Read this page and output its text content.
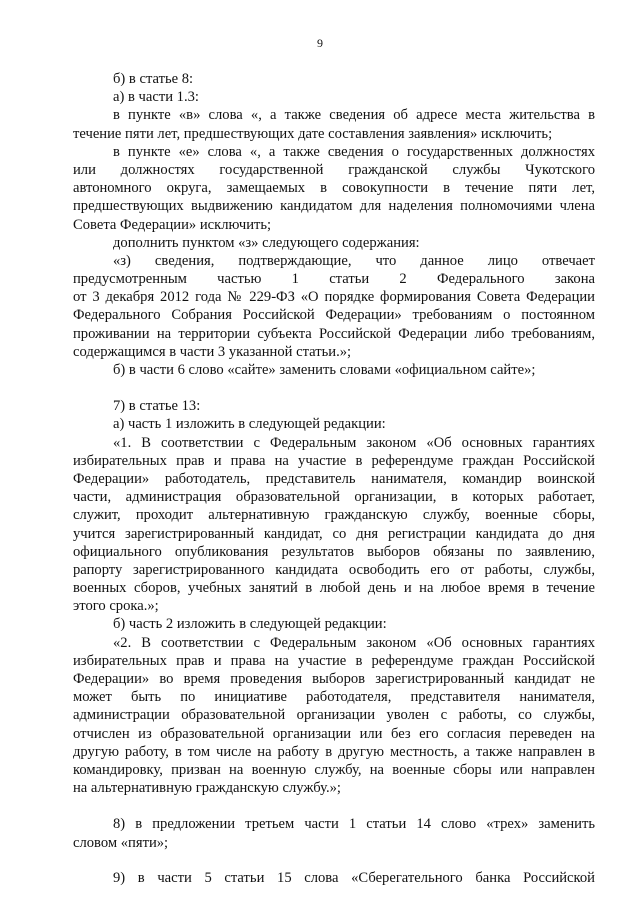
9
б) в статье 8:
а) в части 1.3:
в пункте «в» слова «, а также сведения об адресе места жительства в
течение пяти лет, предшествующих дате составления заявления» исключить;
в пункте «е» слова «, а также сведения о государственных должностях
или должностях государственной гражданской службы Чукотского
автономного округа, замещаемых в совокупности в течение пяти лет,
предшествующих выдвижению кандидатом для наделения полномочиями члена
Совета Федерации» исключить;
дополнить пунктом «з» следующего содержания:
«з) сведения, подтверждающие, что данное лицо отвечает
предусмотренным частью 1 статьи 2 Федерального закона
от 3 декабря 2012 года № 229-ФЗ «О порядке формирования Совета Федерации
Федерального Собрания Российской Федерации» требованиям о постоянном
проживании на территории субъекта Российской Федерации либо требованиям,
содержащимся в части 3 указанной статьи.»;
б) в части 6 слово «сайте» заменить словами «официальном сайте»;
7) в статье 13:
а) часть 1 изложить в следующей редакции:
«1. В соответствии с Федеральным законом «Об основных гарантиях
избирательных прав и права на участие в референдуме граждан Российской
Федерации» работодатель, представитель нанимателя, командир воинской
части, администрация образовательной организации, в которых работает,
служит, проходит альтернативную гражданскую службу, военные сборы,
учится зарегистрированный кандидат, со дня регистрации кандидата до дня
официального опубликования результатов выборов обязаны по заявлению,
рапорту зарегистрированного кандидата освободить его от работы, службы,
военных сборов, учебных занятий в любой день и на любое время в течение
этого срока.»;
б) часть 2 изложить в следующей редакции:
«2. В соответствии с Федеральным законом «Об основных гарантиях
избирательных прав и права на участие в референдуме граждан Российской
Федерации» во время проведения выборов зарегистрированный кандидат не
может быть по инициативе работодателя, представителя нанимателя,
администрации образовательной организации уволен с работы, со службы,
отчислен из образовательной организации или без его согласия переведен на
другую работу, в том числе на работу в другую местность, а также направлен в
командировку, призван на военную службу, на военные сборы или направлен
на альтернативную гражданскую службу.»;
8) в предложении третьем части 1 статьи 14 слово «трех» заменить
словом «пяти»;
9) в части 5 статьи 15 слова «Сберегательного банка Российской
